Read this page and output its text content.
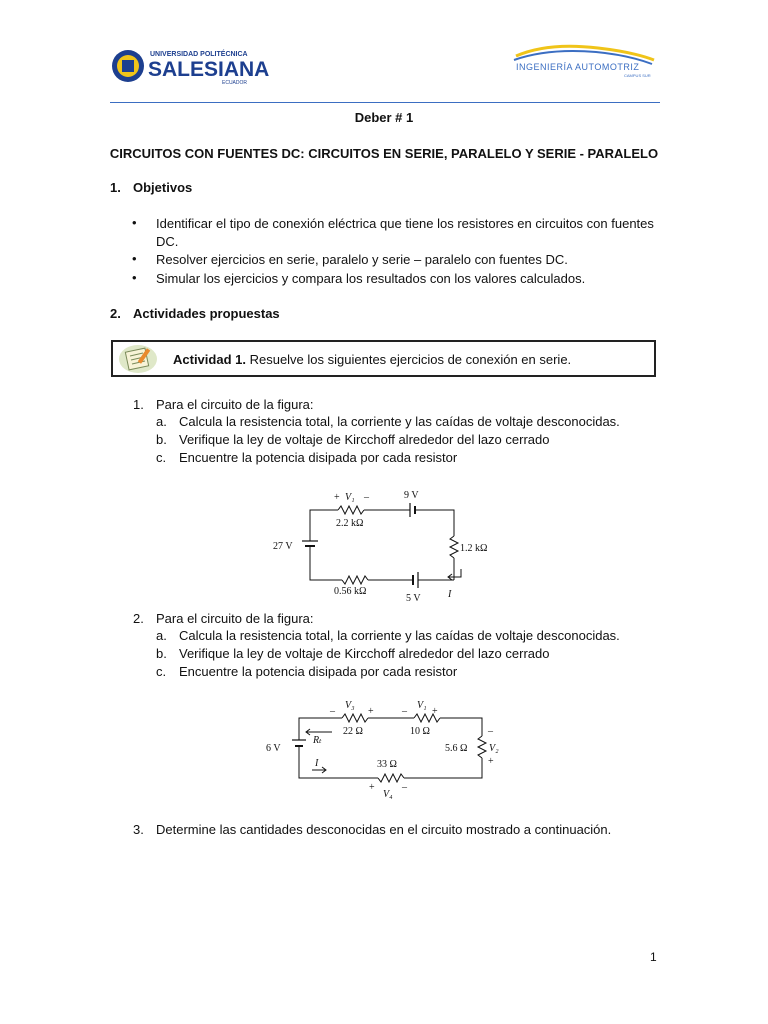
UNIVERSIDAD POLITÉCNICA
SALESIANA
ECUADOR
INGENIERÍA AUTOMOTRIZ
CAMPUS SUR
Deber # 1
CIRCUITOS CON FUENTES DC: CIRCUITOS EN SERIE, PARALELO Y SERIE - PARALELO
1. Objetivos
• Identificar el tipo de conexión eléctrica que tiene los resistores en circuitos con fuentes
DC.
• Resolver ejercicios en serie, paralelo y serie – paralelo con fuentes DC.
• Simular los ejercicios y compara los resultados con los valores calculados.
2. Actividades propuestas
Actividad 1. Resuelve los siguientes ejercicios de conexión en serie.
1. Para el circuito de la figura:
a. Calcula la resistencia total, la corriente y las caídas de voltaje desconocidas.
b. Verifique la ley de voltaje de Kircchoff alrededor del lazo cerrado
c. Encuentre la potencia disipada por cada resistor
+ V₁ –
2.2 kΩ
9 V
27 V	1.2 kΩ
0.56 kΩ
5 V	I
2. Para el circuito de la figura:
a. Calcula la resistencia total, la corriente y las caídas de voltaje desconocidas.
b. Verifique la ley de voltaje de Kircchoff alrededor del lazo cerrado
c. Encuentre la potencia disipada por cada resistor
–
V₃
+
22 Ω
–
V₁
+
10 Ω
6 V
Rₜ
5.6 Ω
–
V₂
+
33 Ω
+
V₄
–
I
3. Determine las cantidades desconocidas en el circuito mostrado a continuación.
1
